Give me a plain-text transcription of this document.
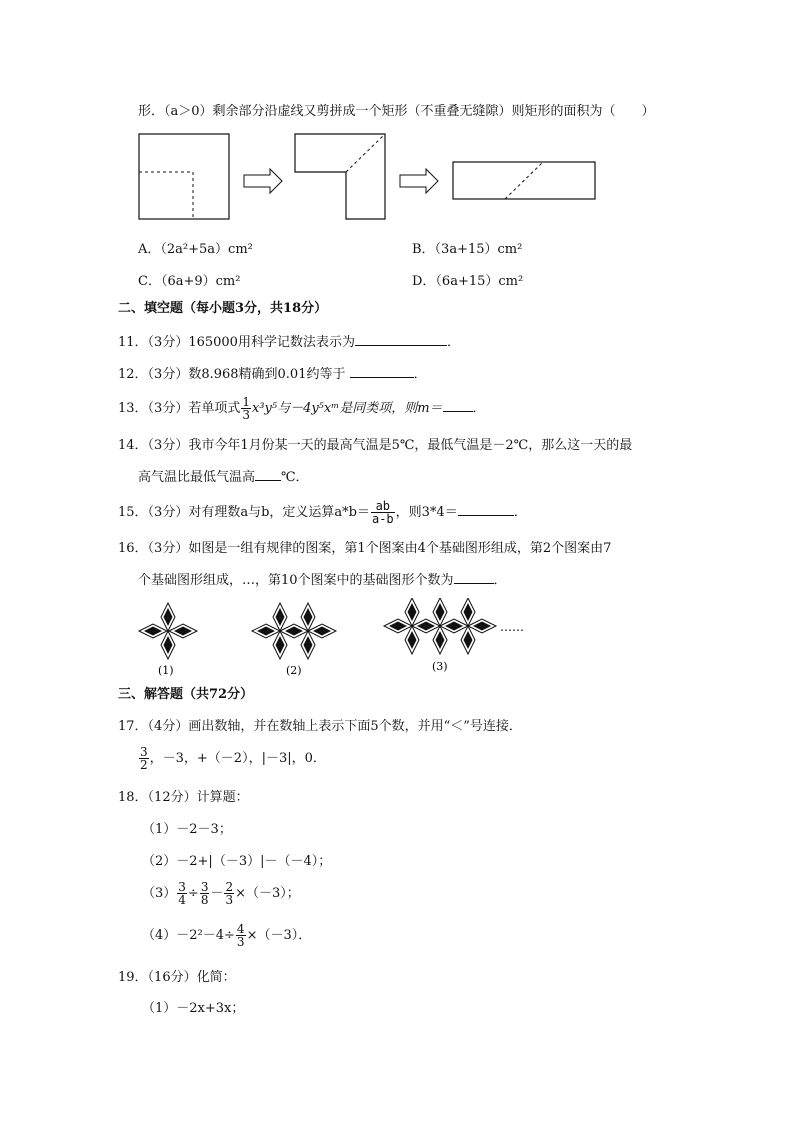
形．（a＞0）剩余部分沿虚线又剪拼成一个矩形（不重叠无缝隙）则矩形的面积为（　　）
A．（2a²+5a）cm²	B．（3a+15）cm²
C．（6a+9）cm²	D．（6a+15）cm²
二、填空题（每小题3分，共18分）
11．（3分）165000用科学记数法表示为	．
12．（3分）数8.968精确到0.01约等于	．
13．（3分）若单项式 $\frac{1}{3} x^3y^5$与－4y⁵xᵐ是同类项，则m＝ ．
14．（3分）我市今年1月份某一天的最高气温是5℃，最低气温是－2℃，那么这一天的最
高气温比最低气温高 ℃．
15．（3分）对有理数a与b，定义运算$a*b= \frac{ab}{a-b}$ ，则3*4＝	．
16．（3分）如图是一组有规律的图案，第1个图案由4个基础图形组成，第2个图案由7
个基础图形组成，…，第10个图案中的基础图形个数为	．
……
(1)	(2)	(3)
三、解答题（共72分）
17．（4分）画出数轴，并在数轴上表示下面5个数，并用“＜”号连接．
$\frac{3}{2}$ ，－3，+（－2），|－3|，0．
18．（12分）计算题：
（1）－2－3；
（2）－2+|（－3）|－（－4）；
$(3) \frac{3}{4} \div \frac{3}{8} - \frac{2}{3} \times(-3)$；
$(4)-2^2-4\div \frac{4}{3} \times(-3)$．
19．（16分）化简：
（1）－2x+3x；
